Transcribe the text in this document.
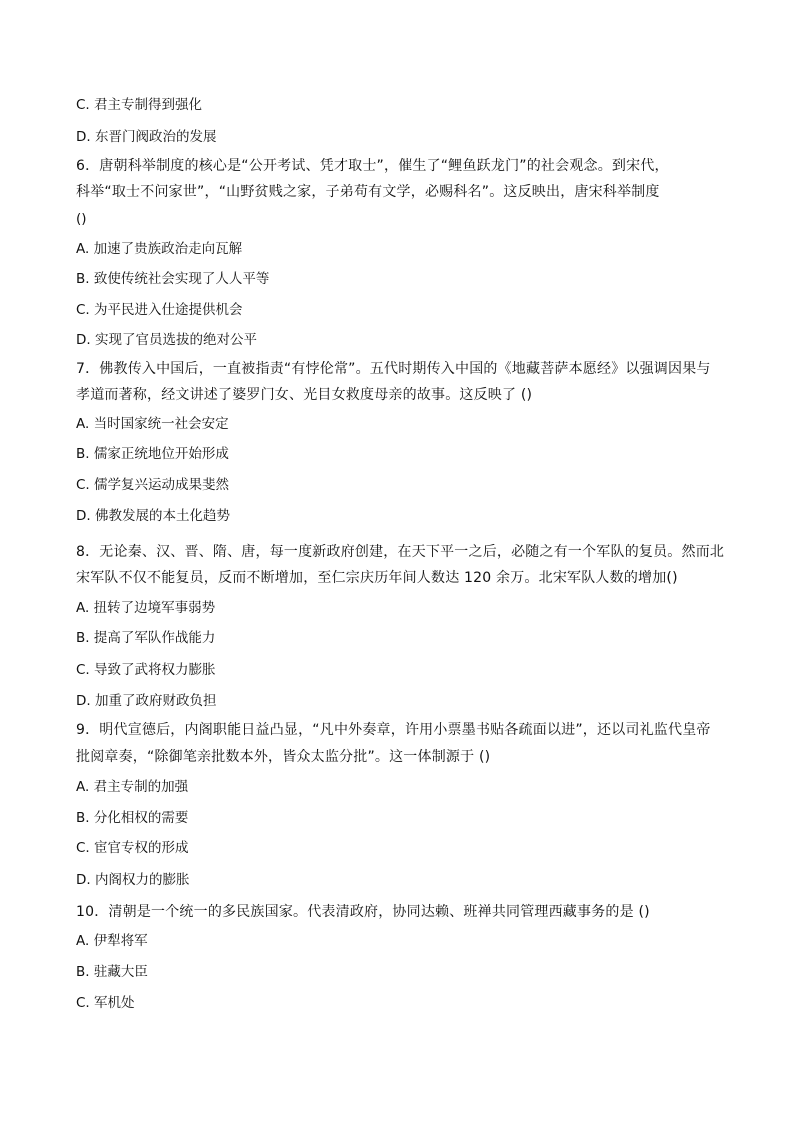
C. 君主专制得到强化
D. 东晋门阀政治的发展
6．唐朝科举制度的核心是“公开考试、凭才取士”，催生了“鲤鱼跃龙门”的社会观念。到宋代，
科举“取士不问家世”，“山野贫贱之家，子弟苟有文学，必赐科名”。这反映出，唐宋科举制度
()
A. 加速了贵族政治走向瓦解
B. 致使传统社会实现了人人平等
C. 为平民进入仕途提供机会
D. 实现了官员选拔的绝对公平
7．佛教传入中国后，一直被指责“有悖伦常”。五代时期传入中国的《地藏菩萨本愿经》以强调因果与
孝道而著称，经文讲述了婆罗门女、光目女救度母亲的故事。这反映了 ()
A. 当时国家统一社会安定
B. 儒家正统地位开始形成
C. 儒学复兴运动成果斐然
D. 佛教发展的本土化趋势
8．无论秦、汉、晋、隋、唐，每一度新政府创建，在天下平一之后，必随之有一个军队的复员。然而北
宋军队不仅不能复员，反而不断增加，至仁宗庆历年间人数达 120 余万。北宋军队人数的增加()
A. 扭转了边境军事弱势
B. 提高了军队作战能力
C. 导致了武将权力膨胀
D. 加重了政府财政负担
9．明代宣德后，内阁职能日益凸显，“凡中外奏章，许用小票墨书贴各疏面以进”，还以司礼监代皇帝
批阅章奏，“除御笔亲批数本外，皆众太监分批”。这一体制源于 ()
A. 君主专制的加强
B. 分化相权的需要
C. 宦官专权的形成
D. 内阁权力的膨胀
10．清朝是一个统一的多民族国家。代表清政府，协同达赖、班禅共同管理西藏事务的是 ()
A. 伊犁将军
B. 驻藏大臣
C. 军机处
